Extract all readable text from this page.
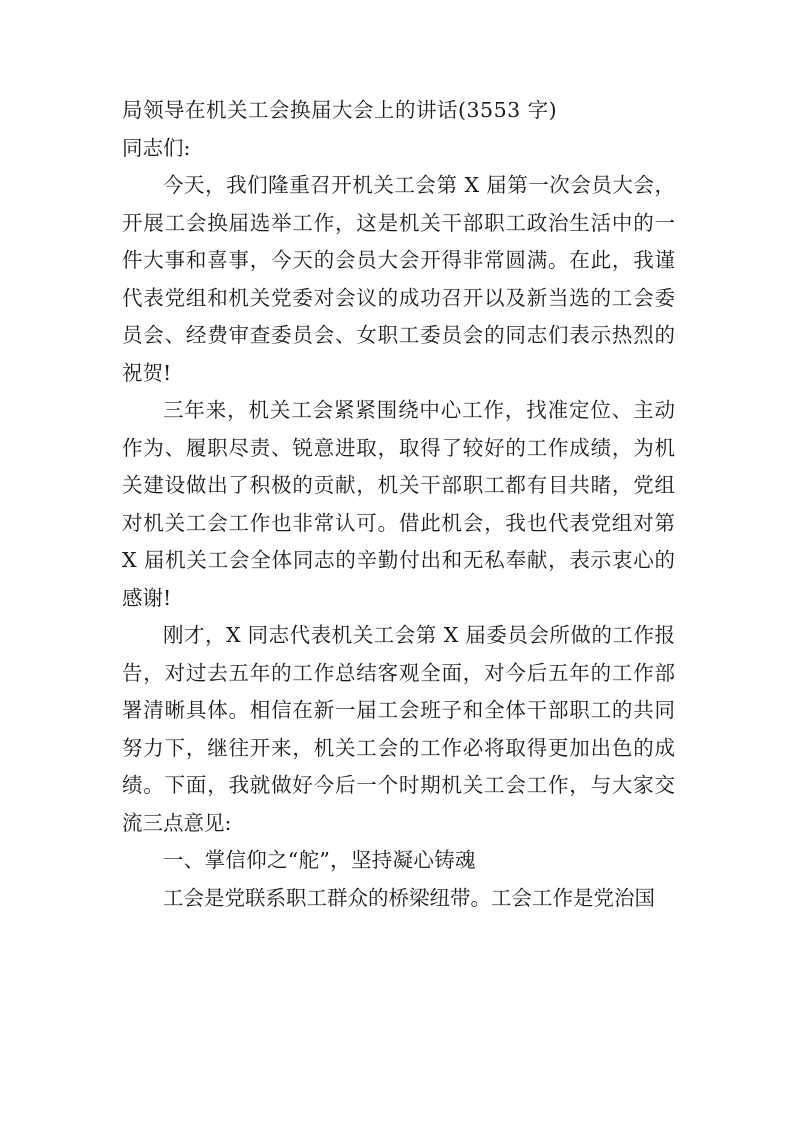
局领导在机关工会换届大会上的讲话(3553 字)

同志们:

今天，我们隆重召开机关工会第 X 届第一次会员大会，开展工会换届选举工作，这是机关干部职工政治生活中的一件大事和喜事，今天的会员大会开得非常圆满。在此，我谨代表党组和机关党委对会议的成功召开以及新当选的工会委员会、经费审查委员会、女职工委员会的同志们表示热烈的祝贺!

三年来，机关工会紧紧围绕中心工作，找准定位、主动作为、履职尽责、锐意进取，取得了较好的工作成绩，为机关建设做出了积极的贡献，机关干部职工都有目共睹，党组对机关工会工作也非常认可。借此机会，我也代表党组对第 X 届机关工会全体同志的辛勤付出和无私奉献，表示衷心的感谢!

刚才，X 同志代表机关工会第 X 届委员会所做的工作报告，对过去五年的工作总结客观全面，对今后五年的工作部署清晰具体。相信在新一届工会班子和全体干部职工的共同努力下，继往开来，机关工会的工作必将取得更加出色的成绩。下面，我就做好今后一个时期机关工会工作，与大家交流三点意见:

一、掌信仰之“舵”，坚持凝心铸魂

工会是党联系职工群众的桥梁纽带。工会工作是党治国
